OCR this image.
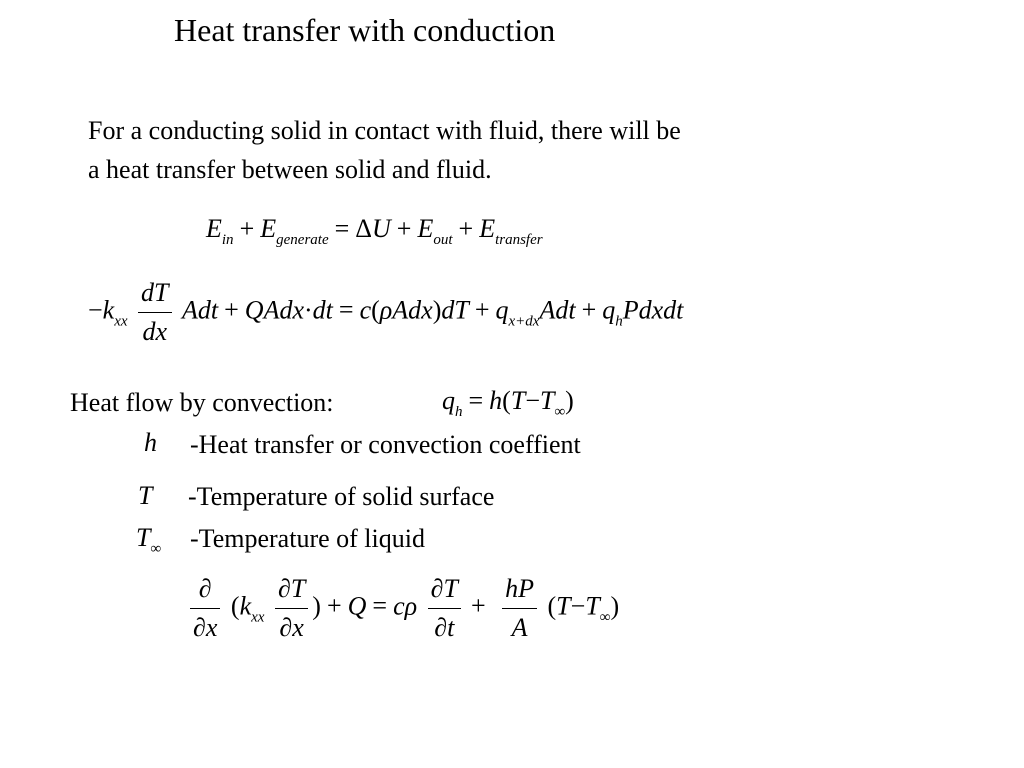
Heat transfer with conduction
For a conducting solid in contact with fluid, there will be
a heat transfer between solid and fluid.
$E_{in} + E_{generate} = \Delta U + E_{out} + E_{transfer}$
$-k_{xx} \frac{dT}{dx}$ Adt + QAdx·dt = $c(\rho Adx)dT + q_{x+dx}Adt$ + $q_hPdxdt$
Heat flow by convection:	$q_h = h(T-T_\infty)$
h -Heat transfer or convection coeffient
T -Temperature of solid surface
$T_\infty$ -Temperature of liquid
$\frac{\partial}{\partial x} (k_{xx} \frac{\partial T}{\partial x}$ ) + Q = cρ $\frac{\partial T}{\partial t} + \frac{hP}{A} (T-T_\infty)$
